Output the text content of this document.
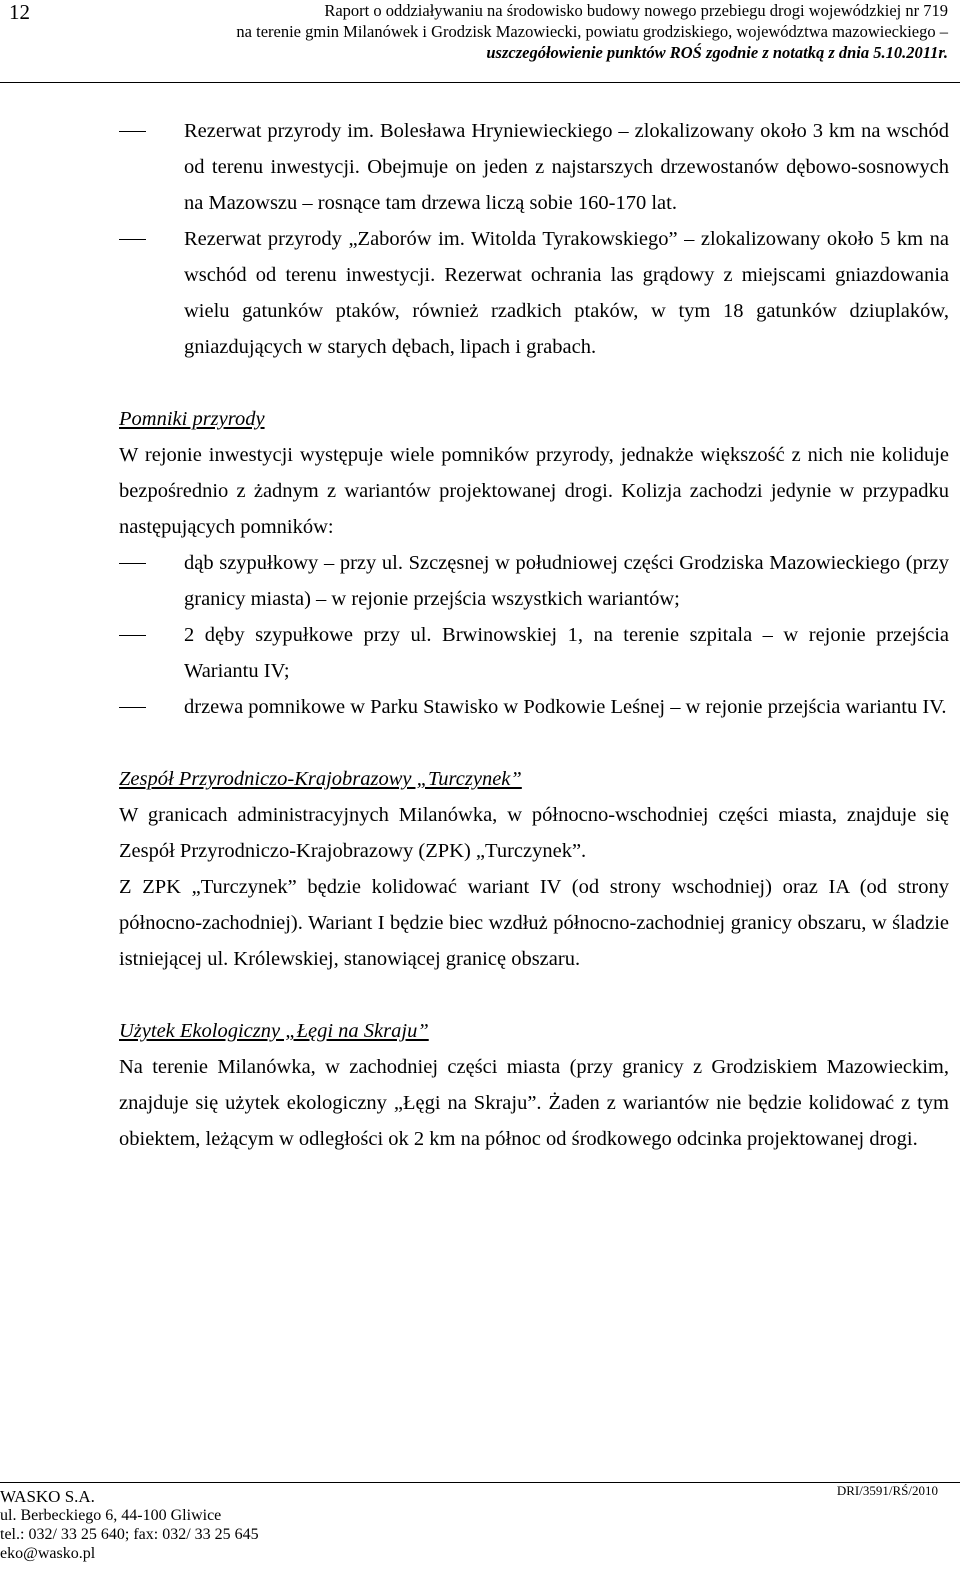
12	Raport o oddziaływaniu na środowisko budowy nowego przebiegu drogi wojewódzkiej nr 719
na terenie gmin Milanówek i Grodzisk Mazowiecki, powiatu grodziskiego, województwa mazowieckiego –
uszczegółowienie punktów ROŚ zgodnie z notatką z dnia 5.10.2011r.
Rezerwat przyrody im. Bolesława Hryniewieckiego – zlokalizowany około 3 km na wschód od terenu inwestycji. Obejmuje on jeden z najstarszych drzewostanów dębowo-sosnowych na Mazowszu – rosnące tam drzewa liczą sobie 160-170 lat.
Rezerwat przyrody „Zaborów im. Witolda Tyrakowskiego” – zlokalizowany około 5 km na wschód od terenu inwestycji. Rezerwat ochrania las grądowy z miejscami gniazdowania wielu gatunków ptaków, również rzadkich ptaków, w tym 18 gatunków dziuplaków, gniazdujących w starych dębach, lipach i grabach.

Pomniki przyrody

W rejonie inwestycji występuje wiele pomników przyrody, jednakże większość z nich nie koliduje bezpośrednio z żadnym z wariantów projektowanej drogi. Kolizja zachodzi jedynie w przypadku następujących pomników:

dąb szypułkowy – przy ul. Szczęsnej w południowej części Grodziska Mazowieckiego (przy granicy miasta) – w rejonie przejścia wszystkich wariantów;
2 dęby szypułkowe przy ul. Brwinowskiej 1, na terenie szpitala – w rejonie przejścia Wariantu IV;
drzewa pomnikowe w Parku Stawisko w Podkowie Leśnej – w rejonie przejścia wariantu IV.

Zespół Przyrodniczo-Krajobrazowy „Turczynek”

W granicach administracyjnych Milanówka, w północno-wschodniej części miasta, znajduje się Zespół Przyrodniczo-Krajobrazowy (ZPK) „Turczynek”.

Z ZPK „Turczynek” będzie kolidować wariant IV (od strony wschodniej) oraz IA (od strony północno-zachodniej). Wariant I będzie biec wzdłuż północno-zachodniej granicy obszaru, w śladzie istniejącej ul. Królewskiej, stanowiącej granicę obszaru.

Użytek Ekologiczny „Łęgi na Skraju”

Na terenie Milanówka, w zachodniej części miasta (przy granicy z Grodziskiem Mazowieckim, znajduje się użytek ekologiczny „Łęgi na Skraju”. Żaden z wariantów nie będzie kolidować z tym obiektem, leżącym w odległości ok 2 km na północ od środkowego odcinka projektowanej drogi.

WASKO S.A.
ul. Berbeckiego 6, 44-100 Gliwice
tel.: 032/ 33 25 640; fax: 032/ 33 25 645
eko@wasko.pl
DRI/3591/RŚ/2010
